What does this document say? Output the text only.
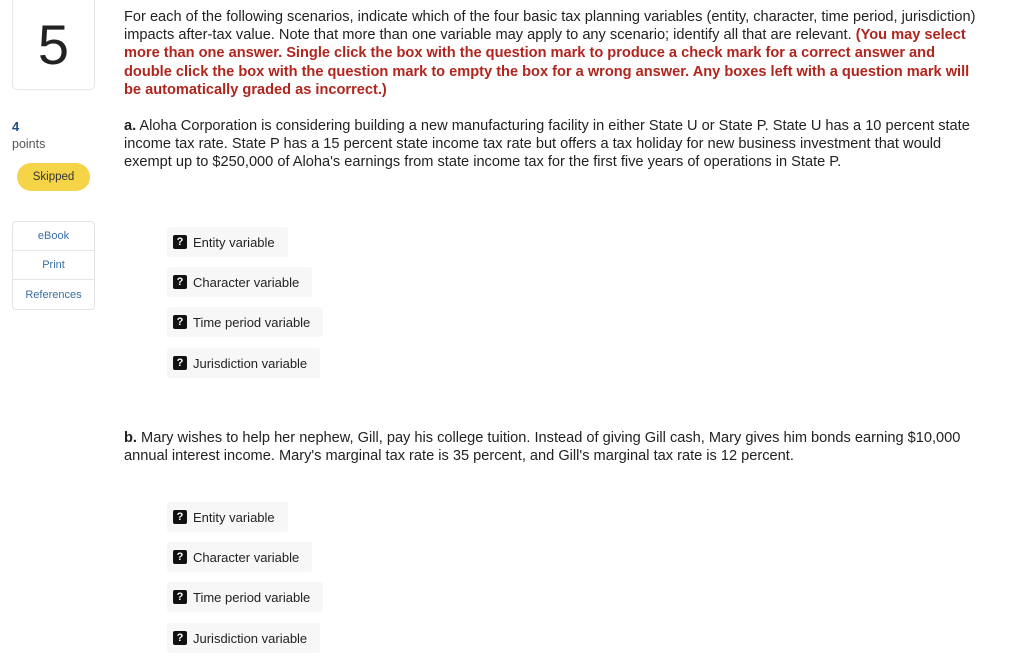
5
4
points
Skipped
eBook
Print
References

For each of the following scenarios, indicate which of the four basic tax planning variables (entity, character, time period, jurisdiction) impacts after-tax value. Note that more than one variable may apply to any scenario; identify all that are relevant. (You may select more than one answer. Single click the box with the question mark to produce a check mark for a correct answer and double click the box with the question mark to empty the box for a wrong answer. Any boxes left with a question mark will be automatically graded as incorrect.)

a. Aloha Corporation is considering building a new manufacturing facility in either State U or State P. State U has a 10 percent state income tax rate. State P has a 15 percent state income tax rate but offers a tax holiday for new business investment that would exempt up to $250,000 of Aloha's earnings from state income tax for the first five years of operations in State P.

? Entity variable
? Character variable
? Time period variable
? Jurisdiction variable

b. Mary wishes to help her nephew, Gill, pay his college tuition. Instead of giving Gill cash, Mary gives him bonds earning $10,000 annual interest income. Mary's marginal tax rate is 35 percent, and Gill's marginal tax rate is 12 percent.

? Entity variable
? Character variable
? Time period variable
? Jurisdiction variable
